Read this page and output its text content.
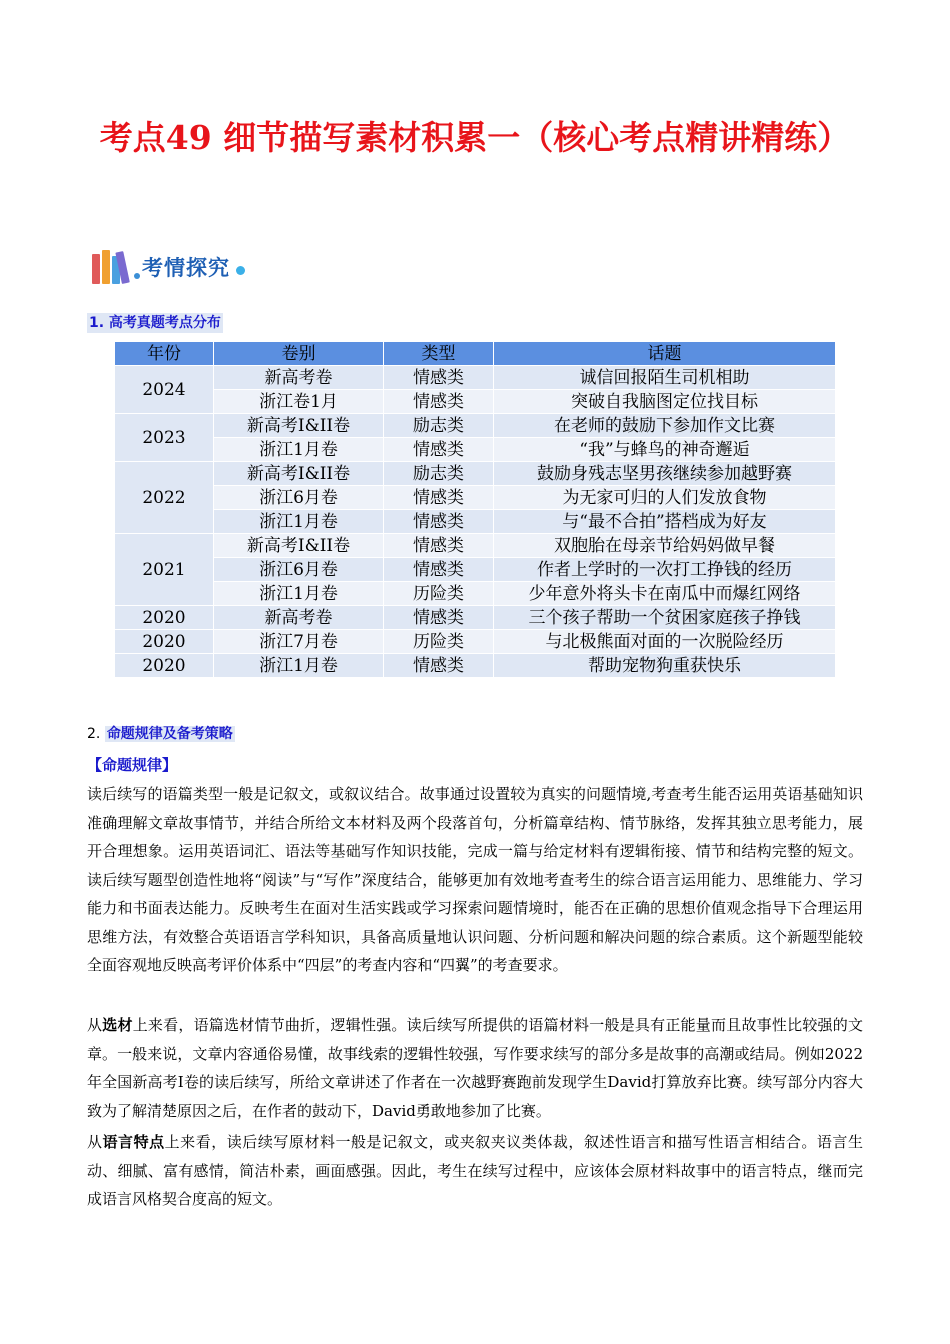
考点49 细节描写素材积累一（核心考点精讲精练）
考情探究
1. 高考真题考点分布
年份	卷别	类型	话题
2024	新高考卷	情感类	诚信回报陌生司机相助
	浙江卷1月	情感类	突破自我脑图定位找目标
2023	新高考I&II卷	励志类	在老师的鼓励下参加作文比赛
	浙江1月卷	情感类	“我”与蜂鸟的神奇邂逅
2022	新高考I&II卷	励志类	鼓励身残志坚男孩继续参加越野赛
	浙江6月卷	情感类	为无家可归的人们发放食物
	浙江1月卷	情感类	与“最不合拍”搭档成为好友
2021	新高考I&II卷	情感类	双胞胎在母亲节给妈妈做早餐
	浙江6月卷	情感类	作者上学时的一次打工挣钱的经历
	浙江1月卷	历险类	少年意外将头卡在南瓜中而爆红网络
2020	新高考卷	情感类	三个孩子帮助一个贫困家庭孩子挣钱
2020	浙江7月卷	历险类	与北极熊面对面的一次脱险经历
2020	浙江1月卷	情感类	帮助宠物狗重获快乐
2. 命题规律及备考策略
【命题规律】
读后续写的语篇类型一般是记叙文，或叙议结合。故事通过设置较为真实的问题情境,考查考生能否运用英语基础知识准确理解文章故事情节，并结合所给文本材料及两个段落首句，分析篇章结构、情节脉络，发挥其独立思考能力，展开合理想象。运用英语词汇、语法等基础写作知识技能，完成一篇与给定材料有逻辑衔接、情节和结构完整的短文。读后续写题型创造性地将“阅读”与“写作”深度结合，能够更加有效地考查考生的综合语言运用能力、思维能力、学习能力和书面表达能力。反映考生在面对生活实践或学习探索问题情境时，能否在正确的思想价值观念指导下合理运用思维方法，有效整合英语语言学科知识，具备高质量地认识问题、分析问题和解决问题的综合素质。这个新题型能较全面容观地反映高考评价体系中“四层”的考查内容和“四翼”的考查要求。
从选材上来看，语篇选材情节曲折，逻辑性强。读后续写所提供的语篇材料一般是具有正能量而且故事性比较强的文章。一般来说，文章内容通俗易懂，故事线索的逻辑性较强，写作要求续写的部分多是故事的高潮或结局。例如2022年全国新高考I卷的读后续写，所给文章讲述了作者在一次越野赛跑前发现学生David打算放弃比赛。续写部分内容大致为了解清楚原因之后，在作者的鼓动下，David勇敢地参加了比赛。
从语言特点上来看，读后续写原材料一般是记叙文，或夹叙夹议类体裁，叙述性语言和描写性语言相结合。语言生动、细腻、富有感情，简洁朴素，画面感强。因此，考生在续写过程中，应该体会原材料故事中的语言特点，继而完成语言风格契合度高的短文。
